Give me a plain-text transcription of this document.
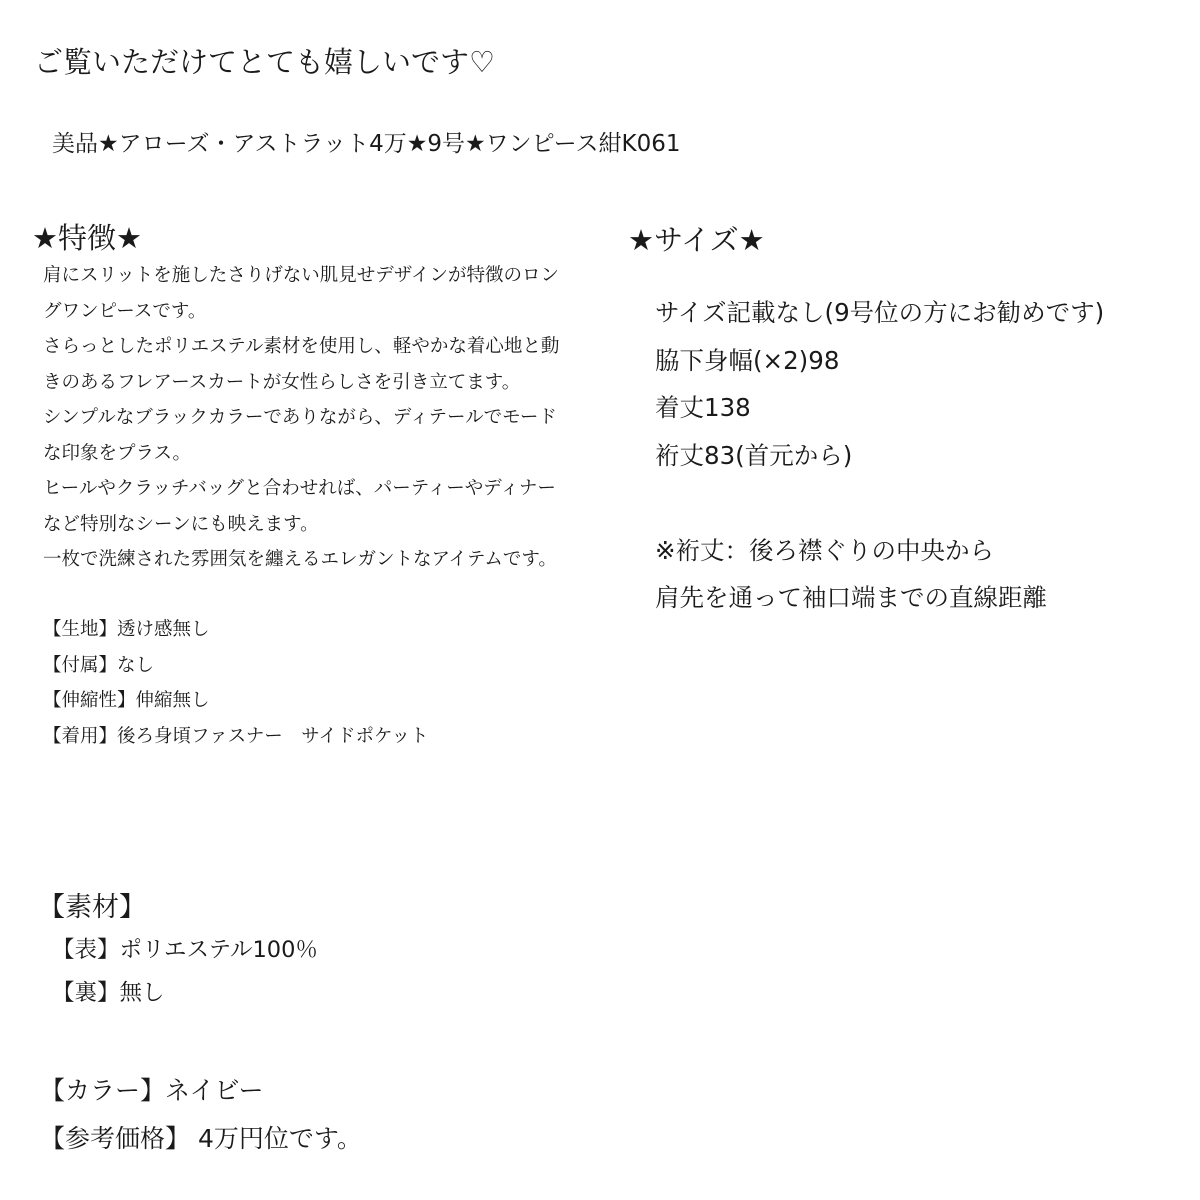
ご覧いただけてとても嬉しいです♡
美品★アローズ・アストラット4万★9号★ワンピース紺K061
★特徴★	★サイズ★
肩にスリットを施したさりげない肌見せデザインが特徴のロン
グワンピースです。
さらっとしたポリエステル素材を使用し、軽やかな着心地と動
きのあるフレアースカートが女性らしさを引き立てます。
シンプルなブラックカラーでありながら、ディテールでモード
な印象をプラス。
ヒールやクラッチバッグと合わせれば、パーティーやディナー
など特別なシーンにも映えます。
一枚で洗練された雰囲気を纏えるエレガントなアイテムです。
【生地】透け感無し
【付属】なし
【伸縮性】伸縮無し
【着用】後ろ身頃ファスナー　サイドポケット
サイズ記載なし(9号位の方にお勧めです)
脇下身幅(×2)98
着丈138
裄丈83(首元から)
※裄丈：後ろ襟ぐりの中央から
肩先を通って袖口端までの直線距離
【素材】
【表】ポリエステル100％
【裏】無し
【カラー】ネイビー
【参考価格】 4万円位です。
